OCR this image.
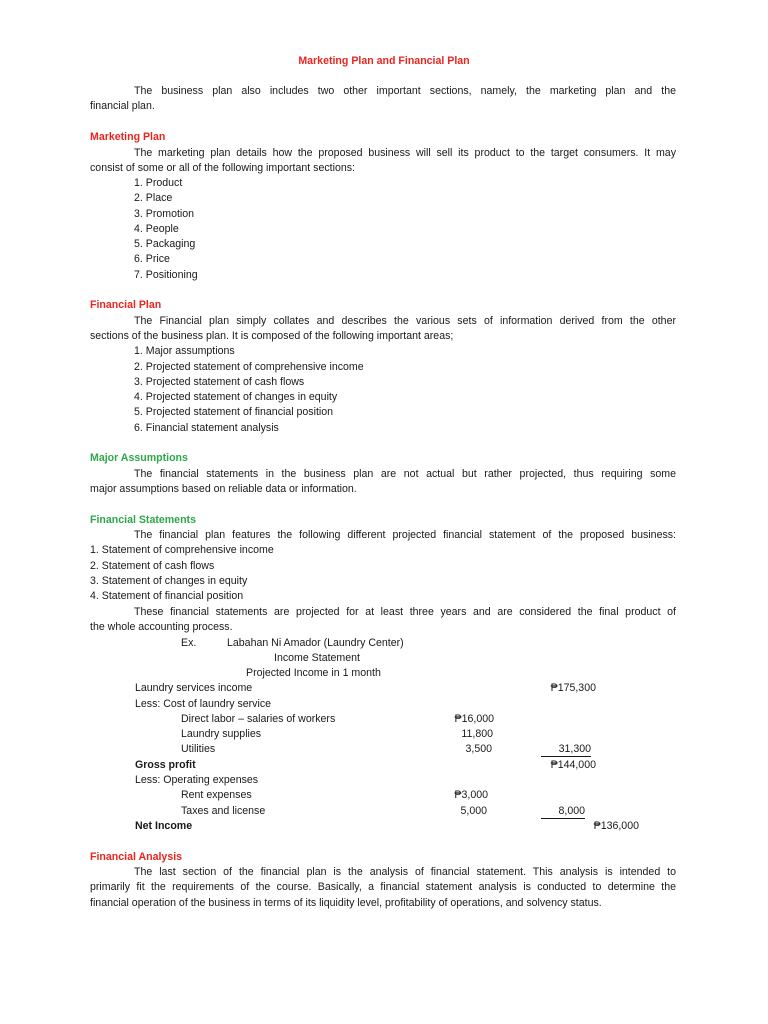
Marketing Plan and Financial Plan
The business plan also includes two other important sections, namely, the marketing plan and the
financial plan.
Marketing Plan
The marketing plan details how the proposed business will sell its product to the target consumers. It may
consist of some or all of the following important sections:
1. Product
2. Place
3. Promotion
4. People
5. Packaging
6. Price
7. Positioning
Financial Plan
The Financial plan simply collates and describes the various sets of information derived from the other
sections of the business plan. It is composed of the following important areas;
1. Major assumptions
2. Projected statement of comprehensive income
3. Projected statement of cash flows
4. Projected statement of changes in equity
5. Projected statement of financial position
6. Financial statement analysis
Major Assumptions
The financial statements in the business plan are not actual but rather projected, thus requiring some
major assumptions based on reliable data or information.
Financial Statements
The financial plan features the following different projected financial statement of the proposed business:
1. Statement of comprehensive income
2. Statement of cash flows
3. Statement of changes in equity
4. Statement of financial position
These financial statements are projected for at least three years and are considered the final product of
the whole accounting process.
Ex.	Labahan Ni Amador (Laundry Center)
Income Statement
Projected Income in 1 month
Laundry services income	₱175,300
Less: Cost of laundry service
Direct labor – salaries of workers	₱16,000
Laundry supplies	11,800
Utilities	3,500	31,300
Gross profit	₱144,000
Less: Operating expenses
Rent expenses	₱3,000
Taxes and license	5,000	8,000
Net Income	₱136,000
Financial Analysis
The last section of the financial plan is the analysis of financial statement. This analysis is intended to
primarily fit the requirements of the course. Basically, a financial statement analysis is conducted to determine the
financial operation of the business in terms of its liquidity level, profitability of operations, and solvency status.
